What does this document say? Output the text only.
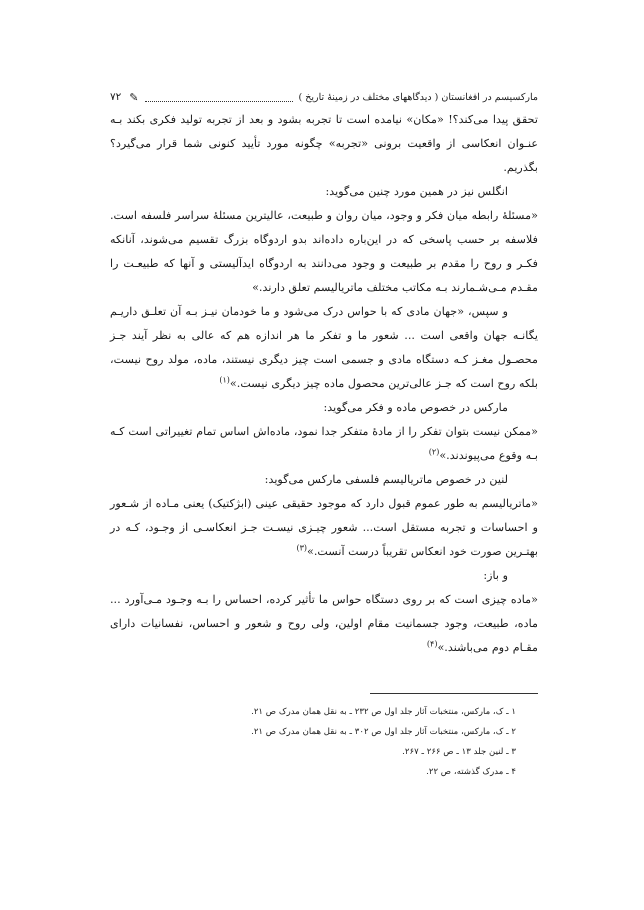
مارکسیسم در افغانستان ( دیدگاههای مختلف در زمینهٔ تاریخ )
✎
۷۲

تحقق پیدا می‌کند؟! «مکان» نیامده است تا تجربه بشود و بعد از تجربه تولید فکری بکند بـه عنـوان انعکاسی از واقعیت برونی «تجربه» چگونه مورد تأیید کنونی شما قرار می‌گیرد؟ بگذریم.

انگلس نیز در همین مورد چنین می‌گوید:

«مسئلهٔ رابطه میان فکر و وجود، میان روان و طبیعت، عالیترین مسئلهٔ سراسر فلسفه است. فلاسفه بر حسب پاسخی که در این‌باره داده‌اند بدو اردوگاه بزرگ تقسیم می‌شوند، آنانکه فکـر و روح را مقدم بر طبیعت و وجود می‌دانند به اردوگاه ایدآلیستی و آنها که طبیعـت را مقـدم مـی‌شـمارند بـه مکاتب مختلف ماتریالیسم تعلق دارند.»

و سپس، «جهان مادی که با حواس درک می‌شود و ما خودمان نیـز بـه آن تعلـق داریـم یگانـه جهان واقعی است ... شعور ما و تفکر ما هر اندازه هم که عالی به نظر آیند جـز محصـول مغـز کـه دستگاه مادی و جسمی است چیز دیگری نیستند، ماده، مولد روح نیست، بلکه روح است که جـز عالی‌ترین محصول ماده چیز دیگری نیست.»$^{(۱)}$

مارکس در خصوص ماده و فکر می‌گوید:

«ممکن نیست بتوان تفکر را از مادهٔ متفکر جدا نمود، ماده‌اش اساس تمام تغییراتی است کـه بـه وقوع می‌پیوندند.»$^{(۲)}$

لنین در خصوص ماتریالیسم فلسفی مارکس می‌گوید:

«ماتریالیسم به طور عموم قبول دارد که موجود حقیقی عینی (ابژکتیک) یعنی مـاده از شـعور و احساسات و تجربه مستقل است... شعور چیـزی نیسـت جـز انعکاسـی از وجـود، کـه در بهتـرین صورت خود انعکاس تقریباً درست آنست.»$^{(۳)}$

و باز:

«ماده چیزی است که بر روی دستگاه حواس ما تأثیر کرده، احساس را بـه وجـود مـی‌آورد ... ماده، طبیعت، وجود جسمانیت مقام اولین، ولی روح و شعور و احساس، نفسانیات دارای مقـام دوم می‌باشند.»$^{(۴)}$

۱ ـ ک، مارکس، منتخبات آثار جلد اول ص ۲۳۲ ـ به نقل همان مدرک ص ۲۱.
۲ ـ ک، مارکس، منتخبات آثار جلد اول ص ۳۰۲ ـ به نقل همان مدرک ص ۲۱.
۳ ـ لنین جلد ۱۳ ـ ص ۲۶۶ ـ ۲۶۷.
۴ ـ مدرک گذشته، ص ۲۲.
